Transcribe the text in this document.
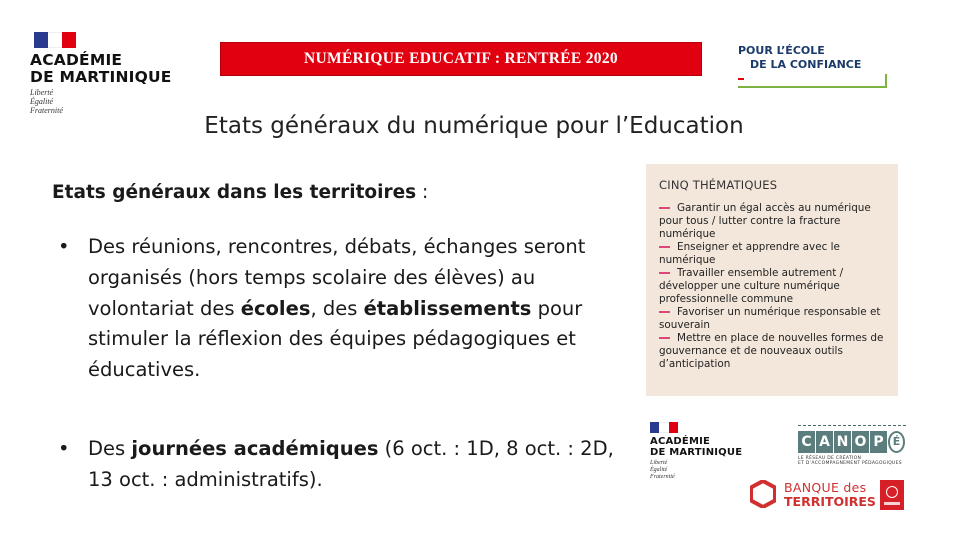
ACADÉMIE
DE MARTINIQUE
Liberté
Égalité
Fraternité
NUMÉRIQUE EDUCATIF : RENTRÉE 2020	POUR L’ÉCOLE
DE LA CONFIANCE
Etats généraux du numérique pour l’Education
Etats généraux dans les territoires :
• Des réunions, rencontres, débats, échanges seront organisés (hors temps scolaire des élèves) au volontariat des écoles, des établissements pour stimuler la réflexion des équipes pédagogiques et éducatives.
• Des journées académiques (6 oct. : 1D, 8 oct. : 2D, 13 oct. : administratifs).
CINQ THÉMATIQUES
Garantir un égal accès au numérique pour tous / lutter contre la fracture numérique
Enseigner et apprendre avec le numérique
Travailler ensemble autrement / développer une culture numérique professionnelle commune
Favoriser un numérique responsable et souverain
Mettre en place de nouvelles formes de gouvernance et de nouveaux outils d’anticipation
ACADÉMIE
DE MARTINIQUE
Liberté
Égalité
Fraternité
C A N O P É
LE RÉSEAU DE CRÉATION
ET D’ACCOMPAGNEMENT PÉDAGOGIQUES
BANQUE des
TERRITOIRES
